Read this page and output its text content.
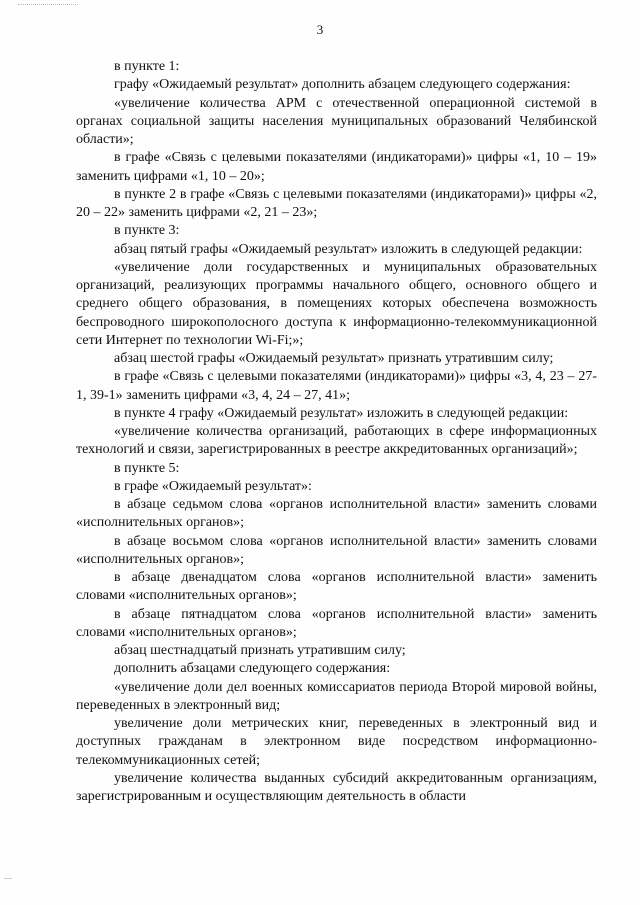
3

в пункте 1:

графу «Ожидаемый результат» дополнить абзацем следующего содержания:

«увеличение количества АРМ с отечественной операционной системой в органах социальной защиты населения муниципальных образований Челябинской области»;

в графе «Связь с целевыми показателями (индикаторами)» цифры «1, 10 – 19» заменить цифрами «1, 10 – 20»;

в пункте 2 в графе «Связь с целевыми показателями (индикаторами)» цифры «2, 20 – 22» заменить цифрами «2, 21 – 23»;

в пункте 3:

абзац пятый графы «Ожидаемый результат» изложить в следующей редакции:

«увеличение доли государственных и муниципальных образовательных организаций, реализующих программы начального общего, основного общего и среднего общего образования, в помещениях которых обеспечена возможность беспроводного широкополосного доступа к информационно-телекоммуникационной сети Интернет по технологии Wi-Fi;»;

абзац шестой графы «Ожидаемый результат» признать утратившим силу;

в графе «Связь с целевыми показателями (индикаторами)» цифры «3, 4, 23 – 27-1, 39-1» заменить цифрами «3, 4, 24 – 27, 41»;

в пункте 4 графу «Ожидаемый результат» изложить в следующей редакции:

«увеличение количества организаций, работающих в сфере информационных технологий и связи, зарегистрированных в реестре аккредитованных организаций»;

в пункте 5:

в графе «Ожидаемый результат»:

в абзаце седьмом слова «органов исполнительной власти» заменить словами «исполнительных органов»;

в абзаце восьмом слова «органов исполнительной власти» заменить словами «исполнительных органов»;

в абзаце двенадцатом слова «органов исполнительной власти» заменить словами «исполнительных органов»;

в абзаце пятнадцатом слова «органов исполнительной власти» заменить словами «исполнительных органов»;

абзац шестнадцатый признать утратившим силу;

дополнить абзацами следующего содержания:

«увеличение доли дел военных комиссариатов периода Второй мировой войны, переведенных в электронный вид;

увеличение доли метрических книг, переведенных в электронный вид и доступных гражданам в электронном виде посредством информационно-телекоммуникационных сетей;

увеличение количества выданных субсидий аккредитованным организациям, зарегистрированным и осуществляющим деятельность в области
